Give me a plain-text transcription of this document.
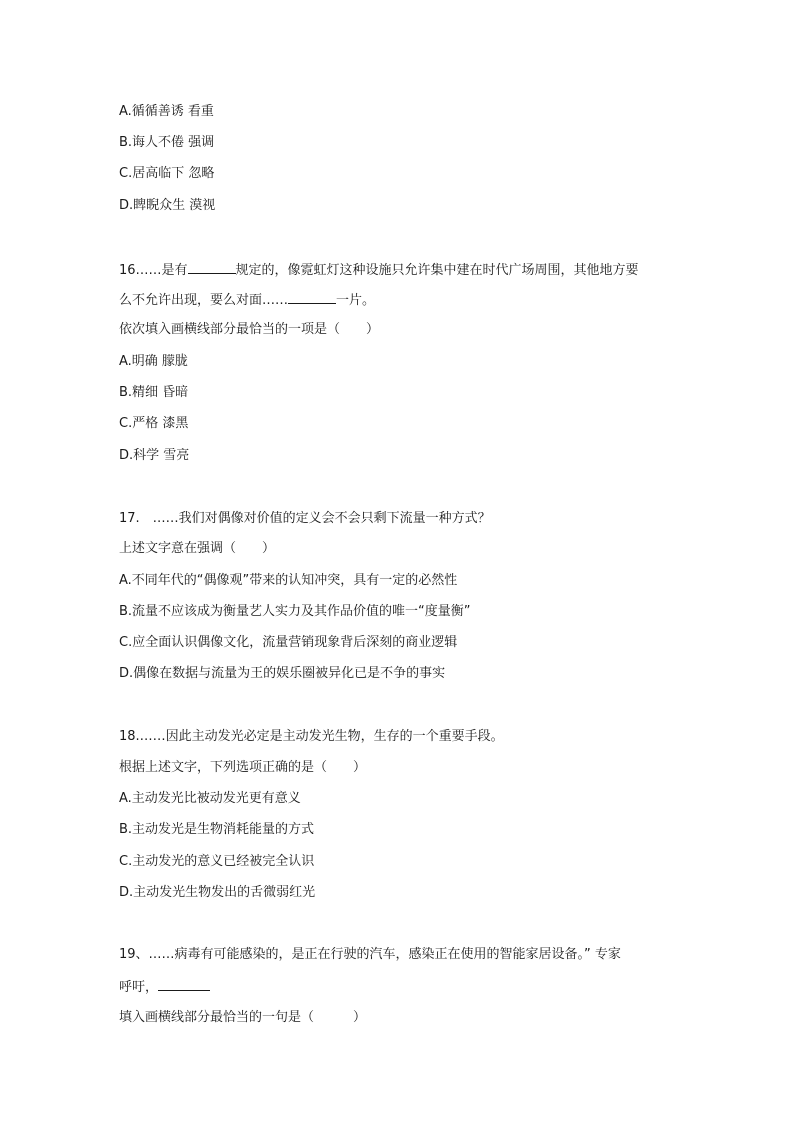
A.循循善诱 看重
B.诲人不倦 强调
C.居高临下 忽略
D.睥睨众生 漠视
16……是有	规定的，像霓虹灯这种设施只允许集中建在时代广场周围，其他地方要
么不允许出现，要么对面……	一片。
依次填入画横线部分最恰当的一项是（　　）
A.明确 朦胧
B.精细 昏暗
C.严格 漆黑
D.科学 雪亮
17.　……我们对偶像对价值的定义会不会只剩下流量一种方式？
上述文字意在强调（　　）
A.不同年代的“偶像观”带来的认知冲突，具有一定的必然性
B.流量不应该成为衡量艺人实力及其作品价值的唯一“度量衡”
C.应全面认识偶像文化，流量营销现象背后深刻的商业逻辑
D.偶像在数据与流量为王的娱乐圈被异化已是不争的事实
18.……因此主动发光必定是主动发光生物，生存的一个重要手段。
根据上述文字，下列选项正确的是（　　）
A.主动发光比被动发光更有意义
B.主动发光是生物消耗能量的方式
C.主动发光的意义已经被完全认识
D.主动发光生物发出的舌微弱红光
19、……病毒有可能感染的，是正在行驶的汽车，感染正在使用的智能家居设备。” 专家
呼吁，
填入画横线部分最恰当的一句是（　　　）
